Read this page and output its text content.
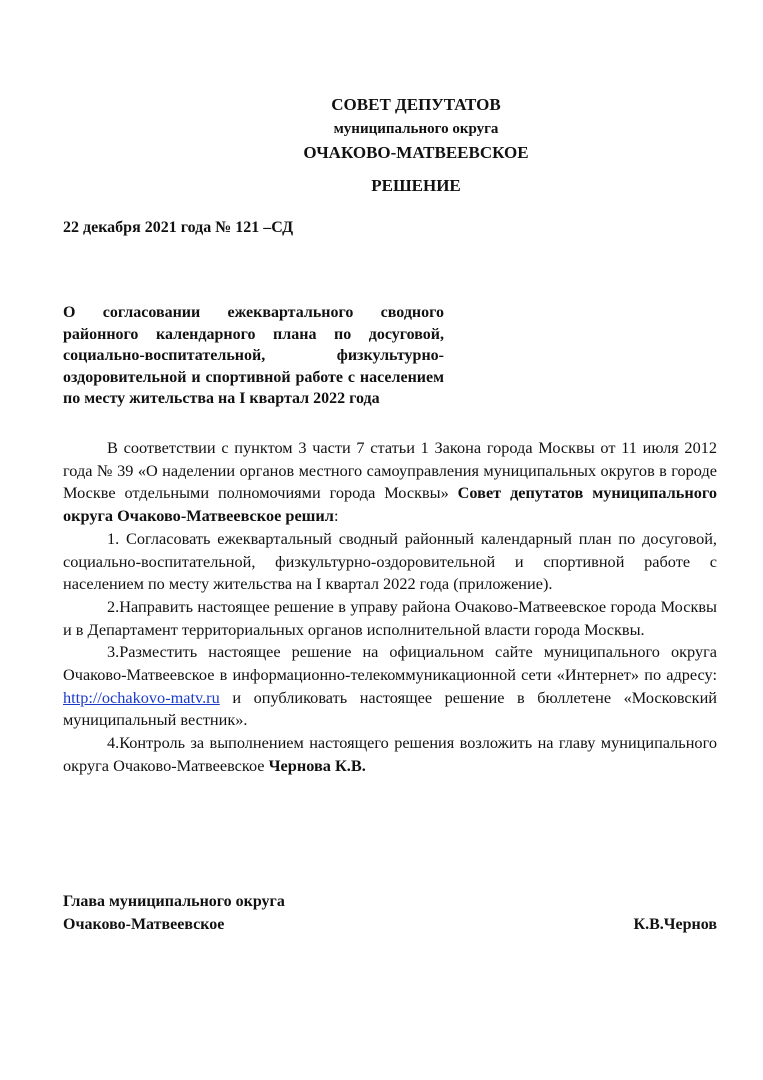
СОВЕТ ДЕПУТАТОВ
муниципального округа
ОЧАКОВО-МАТВЕЕВСКОЕ
РЕШЕНИЕ
22 декабря 2021 года № 121 –СД
О согласовании ежеквартального сводного районного календарного плана по досуговой, социально-воспитательной, физкультурно-оздоровительной и спортивной работе с населением по месту жительства на I квартал 2022 года

В соответствии с пунктом 3 части 7 статьи 1 Закона города Москвы от 11 июля 2012 года № 39 «О наделении органов местного самоуправления муниципальных округов в городе Москве отдельными полномочиями города Москвы» Совет депутатов муниципального округа Очаково-Матвеевское решил:

1. Согласовать ежеквартальный сводный районный календарный план по досуговой, социально-воспитательной, физкультурно-оздоровительной и спортивной работе с населением по месту жительства на I квартал 2022 года (приложение).

2.Направить настоящее решение в управу района Очаково-Матвеевское города Москвы и в Департамент территориальных органов исполнительной власти города Москвы.

3.Разместить настоящее решение на официальном сайте муниципального округа Очаково-Матвеевское в информационно-телекоммуникационной сети «Интернет» по адресу: http://ochakovo-matv.ru и опубликовать настоящее решение в бюллетене «Московский муниципальный вестник».

4.Контроль за выполнением настоящего решения возложить на главу муниципального округа Очаково-Матвеевское Чернова К.В.

Глава муниципального округа
Очаково-Матвеевское	К.В.Чернов
